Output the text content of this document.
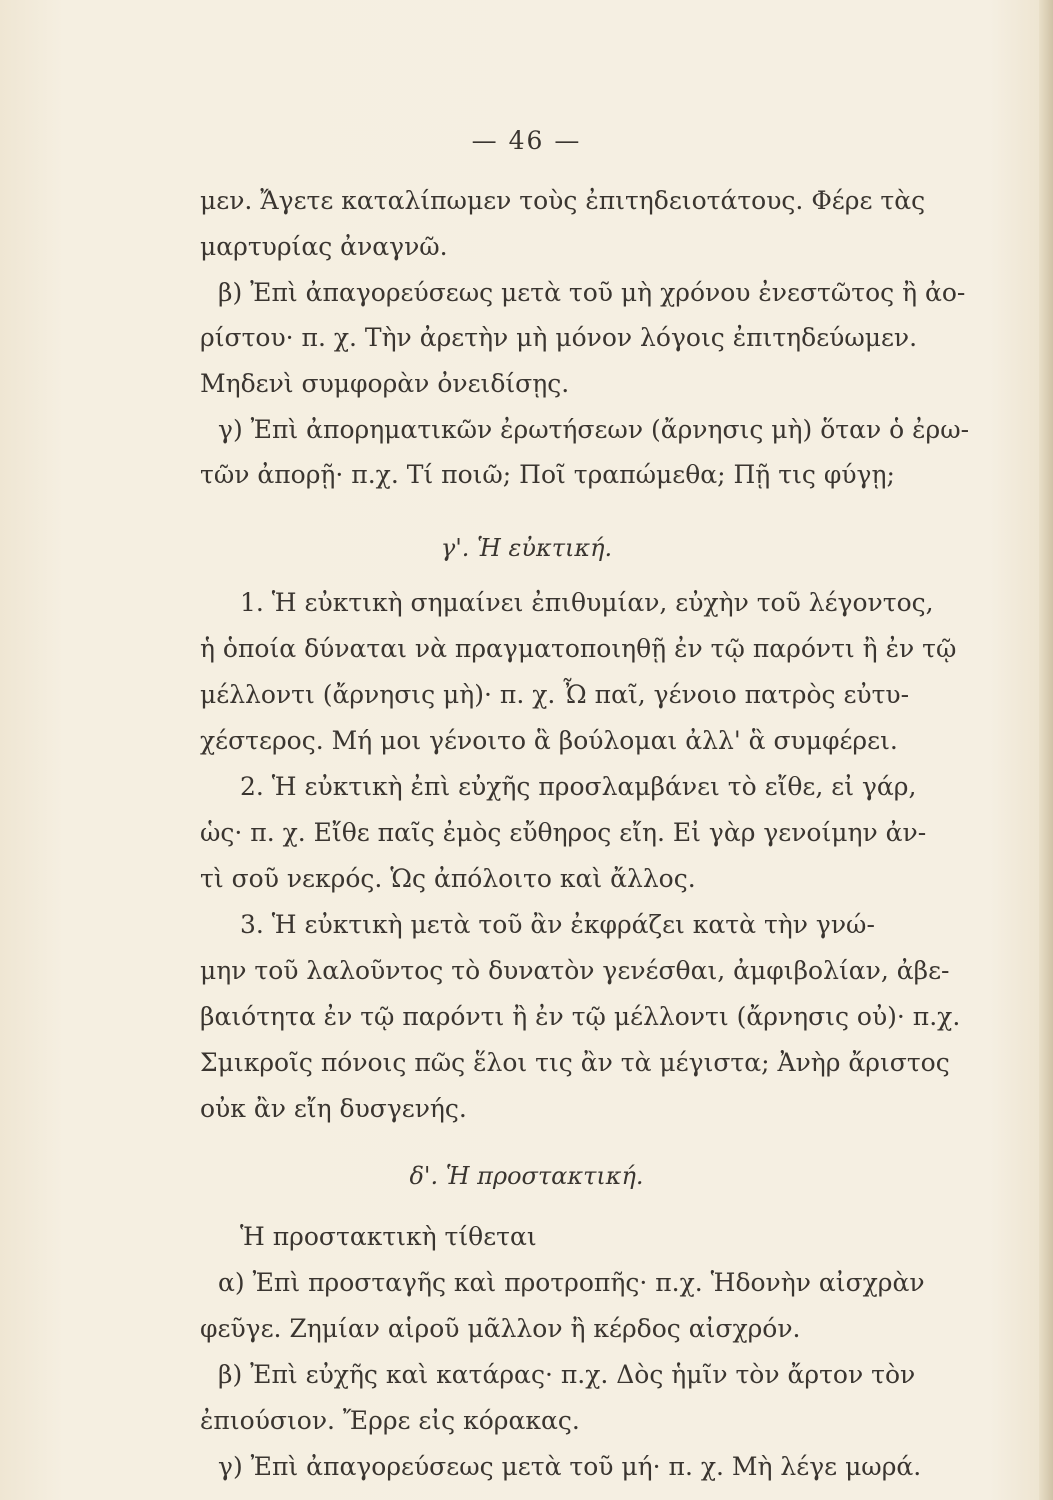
— 46 —
μεν. Ἄγετε καταλίπωμεν τοὺς ἐπιτηδειοτάτους. Φέρε τὰς
μαρτυρίας ἀναγνῶ.
β) Ἐπὶ ἀπαγορεύσεως μετὰ τοῦ μὴ χρόνου ἐνεστῶτος ἢ ἀο-
ρίστου· π. χ. Τὴν ἀρετὴν μὴ μόνον λόγοις ἐπιτηδεύωμεν.
Μηδενὶ συμφορὰν ὀνειδίσῃς.
γ) Ἐπὶ ἀπορηματικῶν ἐρωτήσεων (ἄρνησις μὴ) ὅταν ὁ ἐρω-
τῶν ἀπορῇ· π.χ. Τί ποιῶ; Ποῖ τραπώμεθα; Πῇ τις φύγῃ;
γ'. Ἡ εὐκτική.
1. Ἡ εὐκτικὴ σημαίνει ἐπιθυμίαν, εὐχὴν τοῦ λέγοντος,
ἡ ὁποία δύναται νὰ πραγματοποιηθῇ ἐν τῷ παρόντι ἢ ἐν τῷ
μέλλοντι (ἄρνησις μὴ)· π. χ. Ὦ παῖ, γένοιο πατρὸς εὐτυ-
χέστερος. Μή μοι γένοιτο ἃ βούλομαι ἀλλ' ἃ συμφέρει.
2. Ἡ εὐκτικὴ ἐπὶ εὐχῆς προσλαμβάνει τὸ εἴθε, εἰ γάρ,
ὡς· π. χ. Εἴθε παῖς ἐμὸς εὔθηρος εἴη. Εἰ γὰρ γενοίμην ἀν-
τὶ σοῦ νεκρός. Ὡς ἀπόλοιτο καὶ ἄλλος.
3. Ἡ εὐκτικὴ μετὰ τοῦ ἂν ἐκφράζει κατὰ τὴν γνώ-
μην τοῦ λαλοῦντος τὸ δυνατὸν γενέσθαι, ἀμφιβολίαν, ἀβε-
βαιότητα ἐν τῷ παρόντι ἢ ἐν τῷ μέλλοντι (ἄρνησις οὐ)· π.χ.
Σμικροῖς πόνοις πῶς ἕλοι τις ἂν τὰ μέγιστα; Ἀνὴρ ἄριστος
οὐκ ἂν εἴη δυσγενής.
δ'. Ἡ προστακτική.
Ἡ προστακτικὴ τίθεται
α) Ἐπὶ προσταγῆς καὶ προτροπῆς· π.χ. Ἡδονὴν αἰσχρὰν
φεῦγε. Ζημίαν αἱροῦ μᾶλλον ἢ κέρδος αἰσχρόν.
β) Ἐπὶ εὐχῆς καὶ κατάρας· π.χ. Δὸς ἡμῖν τὸν ἄρτον τὸν
ἐπιούσιον. Ἔρρε εἰς κόρακας.
γ) Ἐπὶ ἀπαγορεύσεως μετὰ τοῦ μή· π. χ. Μὴ λέγε μωρά.
